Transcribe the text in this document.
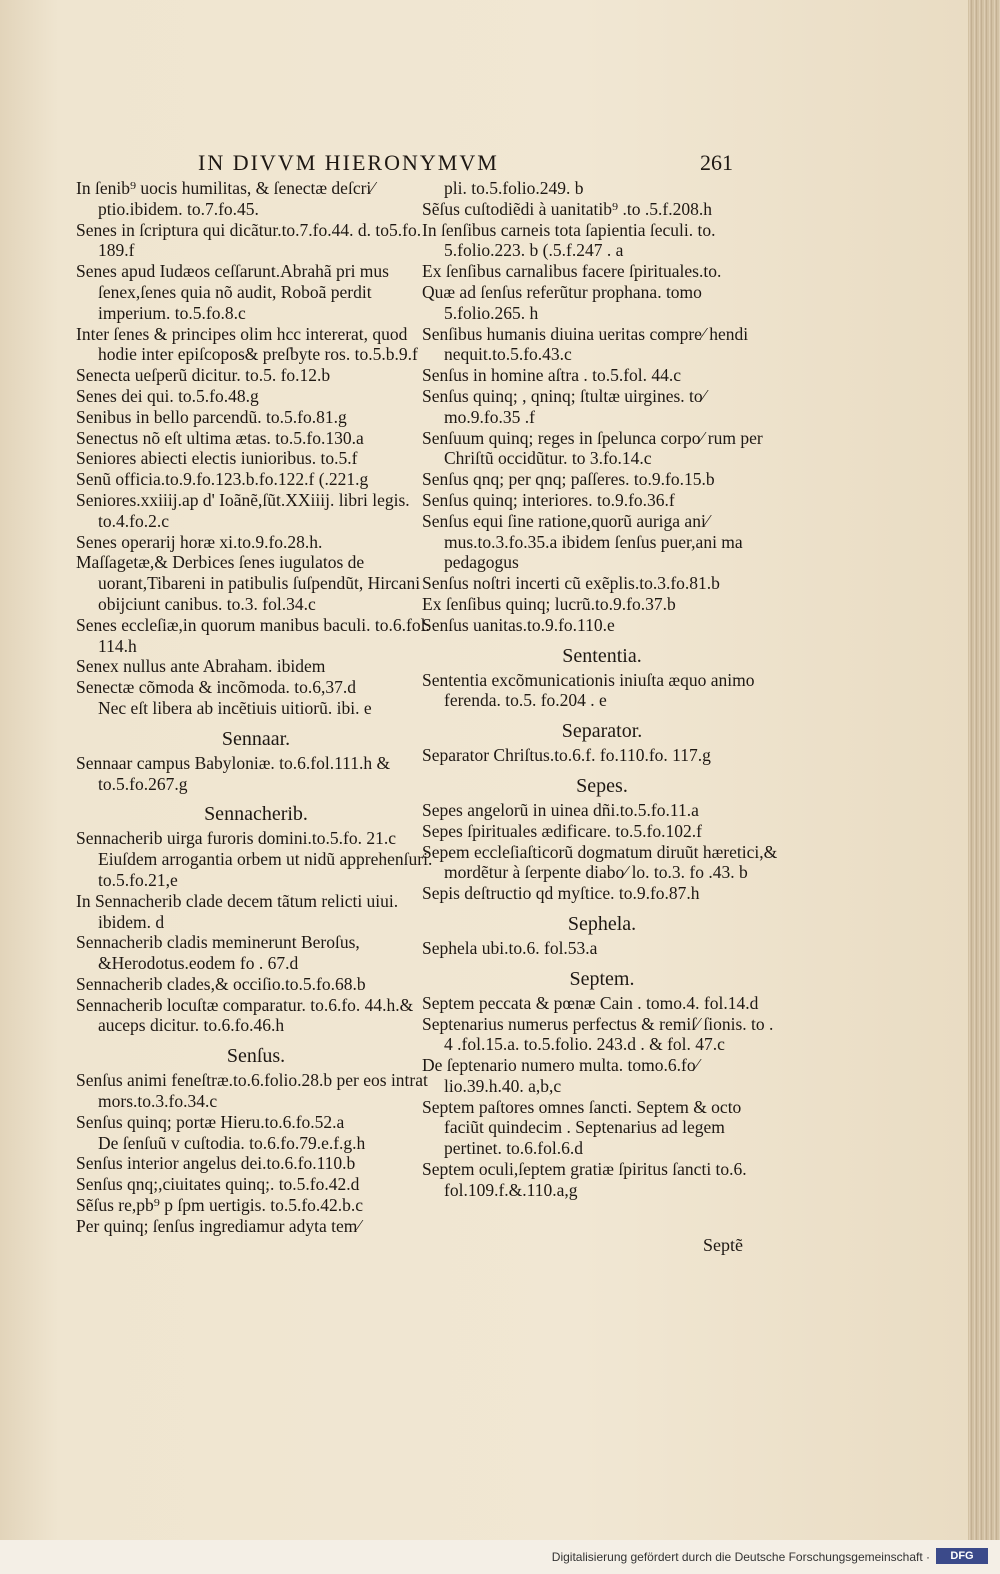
IN DIVVM HIERONYMVM	261
In ſenib⁹ uocis humilitas, & ſenectæ deſcri⁄ ptio.ibidem. to.7.fo.45.
Senes in ſcriptura qui dicãtur.to.7.fo.44. d. to5.fo. 189.f
Senes apud Iudæos ceſſarunt.Abrahã pri mus ſenex,ſenes quia nõ audit, Roboã perdit imperium. to.5.fo.8.c
Inter ſenes & principes olim hcc intererat, quod hodie inter epiſcopos& preſbyte ros. to.5.b.9.f
Senecta ueſperũ dicitur. to.5. fo.12.b
Senes dei qui. to.5.fo.48.g
Senibus in bello parcendũ. to.5.fo.81.g
Senectus nõ eſt ultima ætas. to.5.fo.130.a
Seniores abiecti electis iunioribus. to.5.f
Senũ officia.to.9.fo.123.b.fo.122.f (.221.g
Seniores.xxiiij.ap d' Ioãnẽ,ſũt.XXiiij. libri legis. to.4.fo.2.c
Senes operarij horæ xi.to.9.fo.28.h.
Maſſagetæ,& Derbices ſenes iugulatos de uorant,Tibareni in patibulis ſuſpendũt, Hircani obijciunt canibus. to.3. fol.34.c
Senes eccleſiæ,in quorum manibus baculi. to.6.fol. 114.h
Senex nullus ante Abraham. ibidem
Senectæ cõmoda & incõmoda. to.6,37.d
Nec eſt libera ab incẽtiuis uitiorũ. ibi. e
Sennaar.
Sennaar campus Babyloniæ. to.6.fol.111.h & to.5.fo.267.g
Sennacherib.
Sennacherib uirga furoris domini.to.5.fo. 21.c Eiuſdem arrogantia orbem ut nidũ apprehenſuri. to.5.fo.21,e
In Sennacherib clade decem tãtum relicti uiui. ibidem. d
Sennacherib cladis meminerunt Beroſus, &Herodotus.eodem fo . 67.d
Sennacherib clades,& occiſio.to.5.fo.68.b
Sennacherib locuſtæ comparatur. to.6.fo. 44.h.& auceps dicitur. to.6.fo.46.h
Senſus.
Senſus animi feneſtræ.to.6.folio.28.b per eos intrat mors.to.3.fo.34.c
Senſus quinq; portæ Hieru.to.6.fo.52.a
De ſenſuũ v cuſtodia. to.6.fo.79.e.f.g.h
Senſus interior angelus dei.to.6.fo.110.b
Senſus qnq;,ciuitates quinq;. to.5.fo.42.d
Sẽſus re,pb⁹ p ſpm uertigis. to.5.fo.42.b.c
Per quinq; ſenſus ingrediamur adyta tem⁄
pli. to.5.folio.249. b
Sẽſus cuſtodiẽdi à uanitatib⁹ .to .5.f.208.h
In ſenſibus carneis tota ſapientia ſeculi. to. 5.folio.223. b (.5.f.247 . a
Ex ſenſibus carnalibus facere ſpirituales.to.
Quæ ad ſenſus referũtur prophana. tomo 5.folio.265. h
Senſibus humanis diuina ueritas compre⁄ hendi nequit.to.5.fo.43.c
Senſus in homine aſtra . to.5.fol. 44.c
Senſus quinq; , qninq; ſtultæ uirgines. to⁄ mo.9.fo.35 .f
Senſuum quinq; reges in ſpelunca corpo⁄ rum per Chriſtũ occidũtur. to 3.fo.14.c
Senſus qnq; per qnq; paſſeres. to.9.fo.15.b
Senſus quinq; interiores. to.9.fo.36.f
Senſus equi ſine ratione,quorũ auriga ani⁄ mus.to.3.fo.35.a ibidem ſenſus puer,ani ma pedagogus
Senſus noſtri incerti cũ exẽplis.to.3.fo.81.b
Ex ſenſibus quinq; lucrũ.to.9.fo.37.b
Senſus uanitas.to.9.fo.110.e
Sententia.
Sententia excõmunicationis iniuſta æquo animo ferenda. to.5. fo.204 . e
Separator.
Separator Chriſtus.to.6.f. fo.110.fo. 117.g
Sepes.
Sepes angelorũ in uinea dñi.to.5.fo.11.a
Sepes ſpirituales ædificare. to.5.fo.102.f
Sepem eccleſiaſticorũ dogmatum diruũt hæretici,& mordẽtur à ſerpente diabo⁄ lo. to.3. fo .43. b
Sepis deſtructio qd myſtice. to.9.fo.87.h
Sephela.
Sephela ubi.to.6. fol.53.a
Septem.
Septem peccata & pœnæ Cain . tomo.4. fol.14.d
Septenarius numerus perfectus & remiſ⁄ ſionis. to . 4 .fol.15.a. to.5.folio. 243.d . & fol. 47.c
De ſeptenario numero multa. tomo.6.fo⁄ lio.39.h.40. a,b,c
Septem paſtores omnes ſancti. Septem & octo faciũt quindecim . Septenarius ad legem pertinet. to.6.fol.6.d
Septem oculi,ſeptem gratiæ ſpiritus ſancti to.6. fol.109.f.&.110.a,g
Septẽ
Digitalisierung gefördert durch die Deutsche Forschungsgemeinschaft ·	DFG
